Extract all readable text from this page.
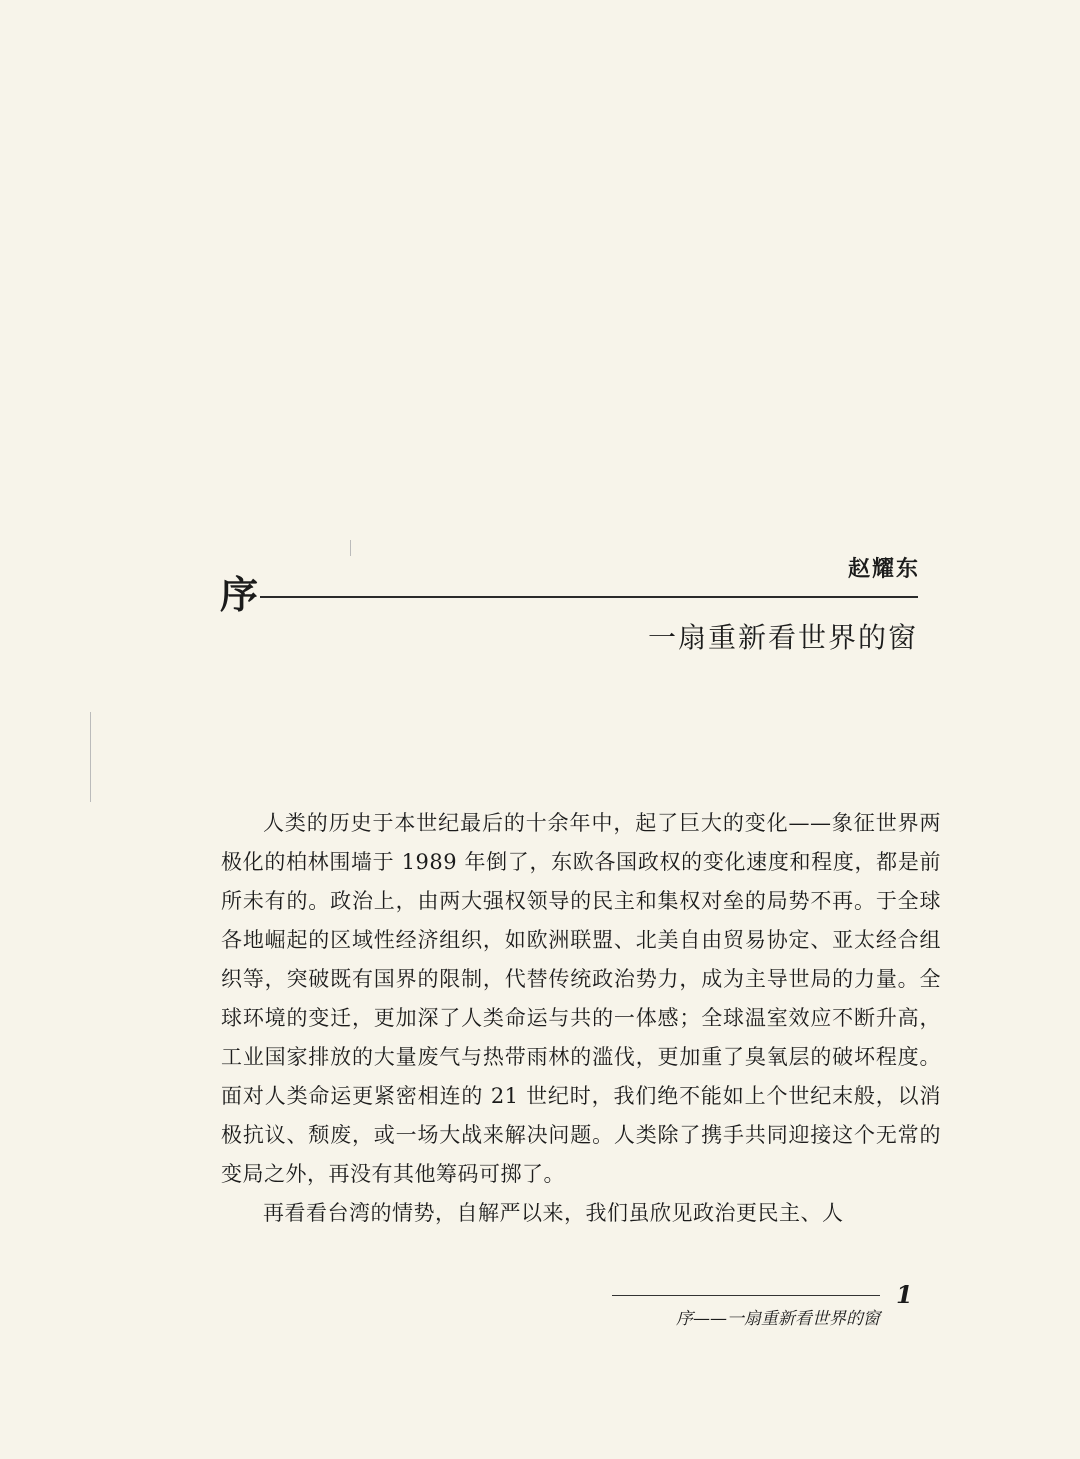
赵耀东
序
一扇重新看世界的窗

人类的历史于本世纪最后的十余年中，起了巨大的变化——象征世界两极化的柏林围墙于 1989 年倒了，东欧各国政权的变化速度和程度，都是前所未有的。政治上，由两大强权领导的民主和集权对垒的局势不再。于全球各地崛起的区域性经济组织，如欧洲联盟、北美自由贸易协定、亚太经合组织等，突破既有国界的限制，代替传统政治势力，成为主导世局的力量。全球环境的变迁，更加深了人类命运与共的一体感；全球温室效应不断升高，工业国家排放的大量废气与热带雨林的滥伐，更加重了臭氧层的破坏程度。面对人类命运更紧密相连的 21 世纪时，我们绝不能如上个世纪末般，以消极抗议、颓废，或一场大战来解决问题。人类除了携手共同迎接这个无常的变局之外，再没有其他筹码可掷了。

再看看台湾的情势，自解严以来，我们虽欣见政治更民主、人

序——一扇重新看世界的窗
1
